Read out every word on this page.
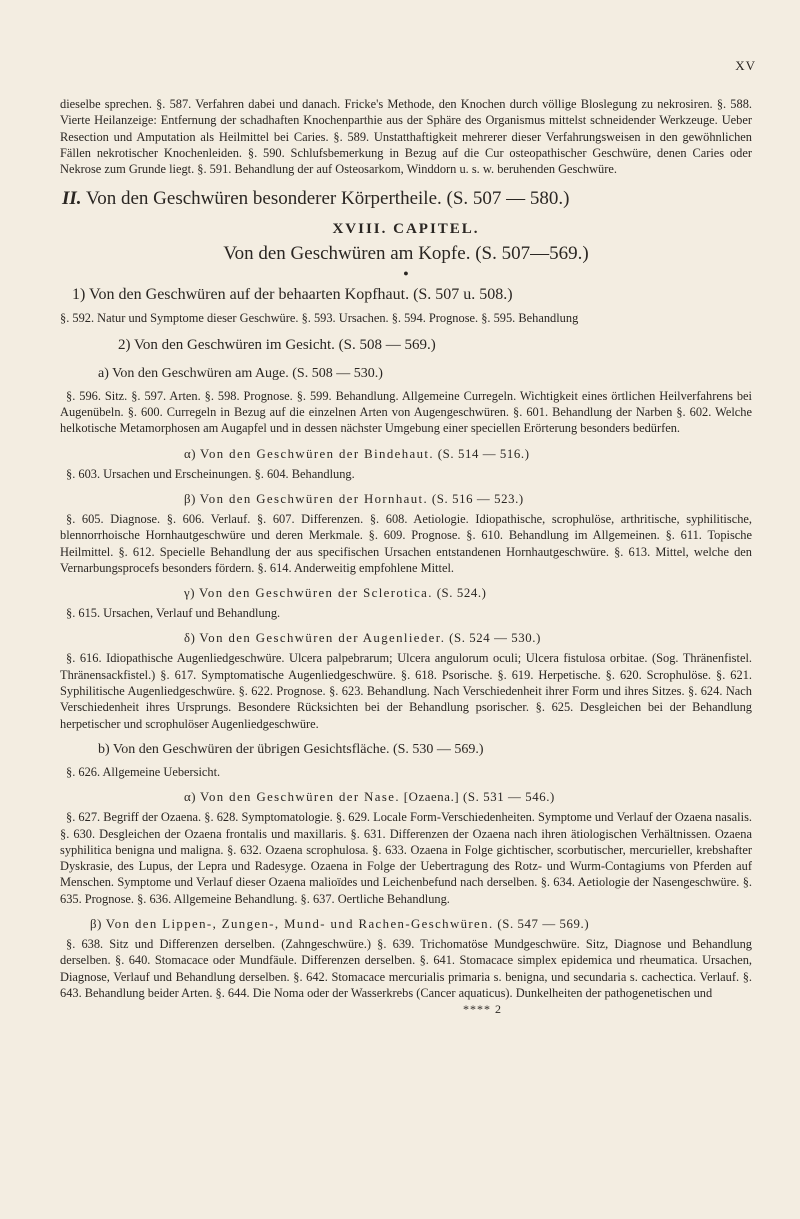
XV

dieselbe sprechen. §. 587. Verfahren dabei und danach. Fricke's Methode, den Knochen durch völlige Bloslegung zu nekrosiren. §. 588. Vierte Heilanzeige: Entfernung der schadhaften Knochenparthie aus der Sphäre des Organismus mittelst schneidender Werkzeuge. Ueber Resection und Amputation als Heilmittel bei Caries. §. 589. Unstatthaftigkeit mehrerer dieser Verfahrungsweisen in den gewöhnlichen Fällen nekrotischer Knochenleiden. §. 590. Schlufsbemerkung in Bezug auf die Cur osteopathischer Geschwüre, denen Caries oder Nekrose zum Grunde liegt. §. 591. Behandlung der auf Osteosarkom, Winddorn u. s. w. beruhenden Geschwüre.

II. Von den Geschwüren besonderer Körpertheile. (S. 507 — 580.)
XVIII. CAPITEL.
Von den Geschwüren am Kopfe. (S. 507—569.)
●
1) Von den Geschwüren auf der behaarten Kopfhaut. (S. 507 u. 508.)

§. 592. Natur und Symptome dieser Geschwüre. §. 593. Ursachen. §. 594. Prognose. §. 595. Behandlung

2) Von den Geschwüren im Gesicht. (S. 508 — 569.)
a) Von den Geschwüren am Auge. (S. 508 — 530.)

§. 596. Sitz. §. 597. Arten. §. 598. Prognose. §. 599. Behandlung. Allgemeine Curregeln. Wichtigkeit eines örtlichen Heilverfahrens bei Augenübeln. §. 600. Curregeln in Bezug auf die einzelnen Arten von Augengeschwüren. §. 601. Behandlung der Narben §. 602. Welche helkotische Metamorphosen am Augapfel und in dessen nächster Umgebung einer speciellen Erörterung besonders bedürfen.

α) Von den Geschwüren der Bindehaut. (S. 514 — 516.)

§. 603. Ursachen und Erscheinungen. §. 604. Behandlung.

β) Von den Geschwüren der Hornhaut. (S. 516 — 523.)

§. 605. Diagnose. §. 606. Verlauf. §. 607. Differenzen. §. 608. Aetiologie. Idiopathische, scrophulöse, arthritische, syphilitische, blennorrhoische Hornhautgeschwüre und deren Merkmale. §. 609. Prognose. §. 610. Behandlung im Allgemeinen. §. 611. Topische Heilmittel. §. 612. Specielle Behandlung der aus specifischen Ursachen entstandenen Hornhautgeschwüre. §. 613. Mittel, welche den Vernarbungsprocefs besonders fördern. §. 614. Anderweitig empfohlene Mittel.

γ) Von den Geschwüren der Sclerotica. (S. 524.)

§. 615. Ursachen, Verlauf und Behandlung.

δ) Von den Geschwüren der Augenlieder. (S. 524 — 530.)

§. 616. Idiopathische Augenliedgeschwüre. Ulcera palpebrarum; Ulcera angulorum oculi; Ulcera fistulosa orbitae. (Sog. Thränenfistel. Thränensackfistel.) §. 617. Symptomatische Augenliedgeschwüre. §. 618. Psorische. §. 619. Herpetische. §. 620. Scrophulöse. §. 621. Syphilitische Augenliedgeschwüre. §. 622. Prognose. §. 623. Behandlung. Nach Verschiedenheit ihrer Form und ihres Sitzes. §. 624. Nach Verschiedenheit ihres Ursprungs. Besondere Rücksichten bei der Behandlung psorischer. §. 625. Desgleichen bei der Behandlung herpetischer und scrophulöser Augenliedgeschwüre.

b) Von den Geschwüren der übrigen Gesichtsfläche. (S. 530 — 569.)

§. 626. Allgemeine Uebersicht.

α) Von den Geschwüren der Nase. [Ozaena.] (S. 531 — 546.)

§. 627. Begriff der Ozaena. §. 628. Symptomatologie. §. 629. Locale Form-Verschiedenheiten. Symptome und Verlauf der Ozaena nasalis. §. 630. Desgleichen der Ozaena frontalis und maxillaris. §. 631. Differenzen der Ozaena nach ihren ätiologischen Verhältnissen. Ozaena syphilitica benigna und maligna. §. 632. Ozaena scrophulosa. §. 633. Ozaena in Folge gichtischer, scorbutischer, mercurieller, krebshafter Dyskrasie, des Lupus, der Lepra und Radesyge. Ozaena in Folge der Uebertragung des Rotz- und Wurm-Contagiums von Pferden auf Menschen. Symptome und Verlauf dieser Ozaena malioïdes und Leichenbefund nach derselben. §. 634. Aetiologie der Nasengeschwüre. §. 635. Prognose. §. 636. Allgemeine Behandlung. §. 637. Oertliche Behandlung.

β) Von den Lippen-, Zungen-, Mund- und Rachen-Geschwüren. (S. 547 — 569.)

§. 638. Sitz und Differenzen derselben. (Zahngeschwüre.) §. 639. Trichomatöse Mundgeschwüre. Sitz, Diagnose und Behandlung derselben. §. 640. Stomacace oder Mundfäule. Differenzen derselben. §. 641. Stomacace simplex epidemica und rheumatica. Ursachen, Diagnose, Verlauf und Behandlung derselben. §. 642. Stomacace mercurialis primaria s. benigna, und secundaria s. cachectica. Verlauf. §. 643. Behandlung beider Arten. §. 644. Die Noma oder der Wasserkrebs (Cancer aquaticus). Dunkelheiten der pathogenetischen und

**** 2
